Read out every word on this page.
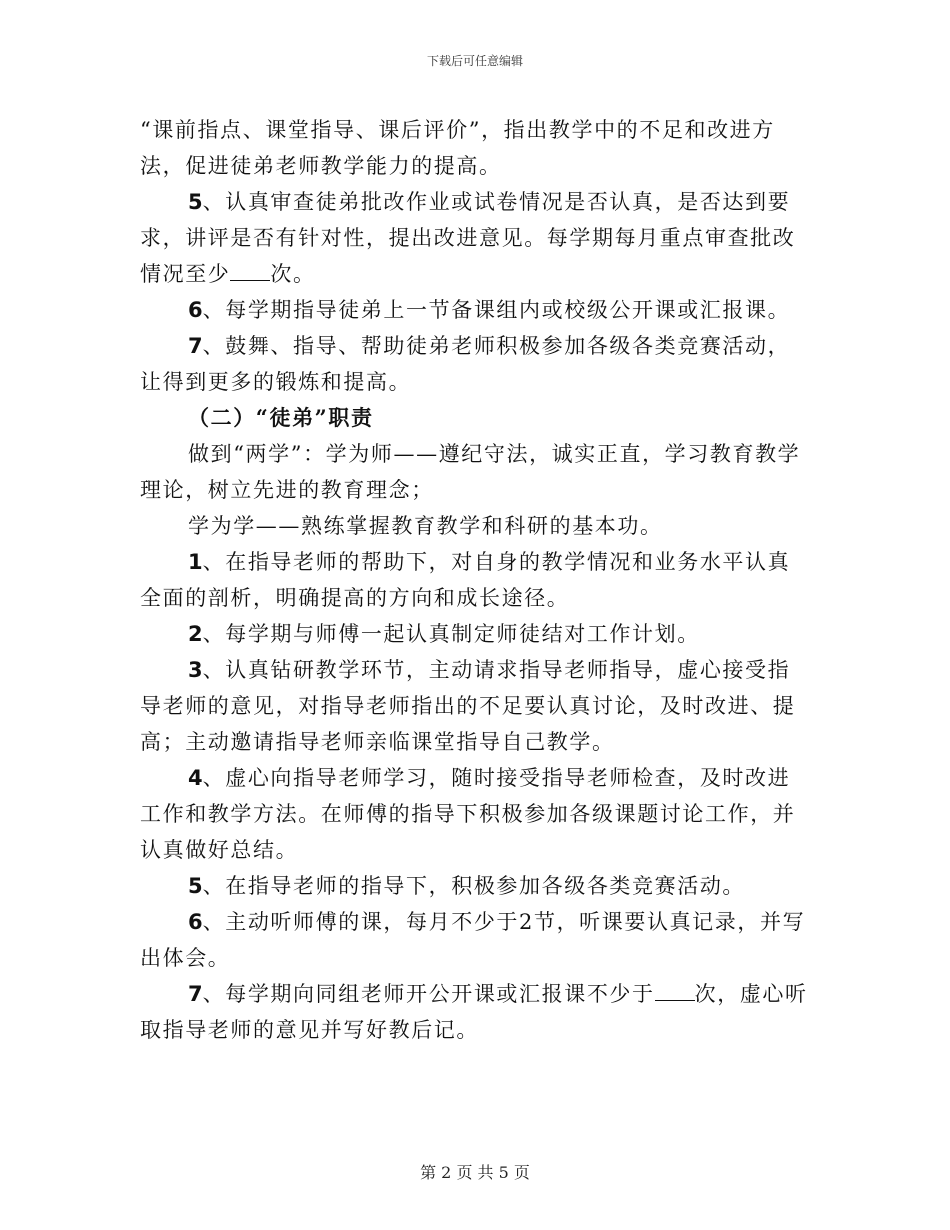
下载后可任意编辑

“课前指点、课堂指导、课后评价”，指出教学中的不足和改进方法，促进徒弟老师教学能力的提高。

5、认真审查徒弟批改作业或试卷情况是否认真，是否达到要求，讲评是否有针对性，提出改进意见。每学期每月重点审查批改情况至少 次。

6、每学期指导徒弟上一节备课组内或校级公开课或汇报课。

7、鼓舞、指导、帮助徒弟老师积极参加各级各类竞赛活动，让得到更多的锻炼和提高。

（二）“徒弟”职责

做到“两学”：学为师——遵纪守法，诚实正直，学习教育教学理论，树立先进的教育理念；

学为学——熟练掌握教育教学和科研的基本功。

1、在指导老师的帮助下，对自身的教学情况和业务水平认真全面的剖析，明确提高的方向和成长途径。

2、每学期与师傅一起认真制定师徒结对工作计划。

3、认真钻研教学环节，主动请求指导老师指导，虚心接受指导老师的意见，对指导老师指出的不足要认真讨论，及时改进、提高；主动邀请指导老师亲临课堂指导自己教学。

4、虚心向指导老师学习，随时接受指导老师检查，及时改进工作和教学方法。在师傅的指导下积极参加各级课题讨论工作，并认真做好总结。

5、在指导老师的指导下，积极参加各级各类竞赛活动。

6、主动听师傅的课，每月不少于2节，听课要认真记录，并写出体会。

7、每学期向同组老师开公开课或汇报课不少于 次，虚心听取指导老师的意见并写好教后记。

第 2 页 共 5 页
